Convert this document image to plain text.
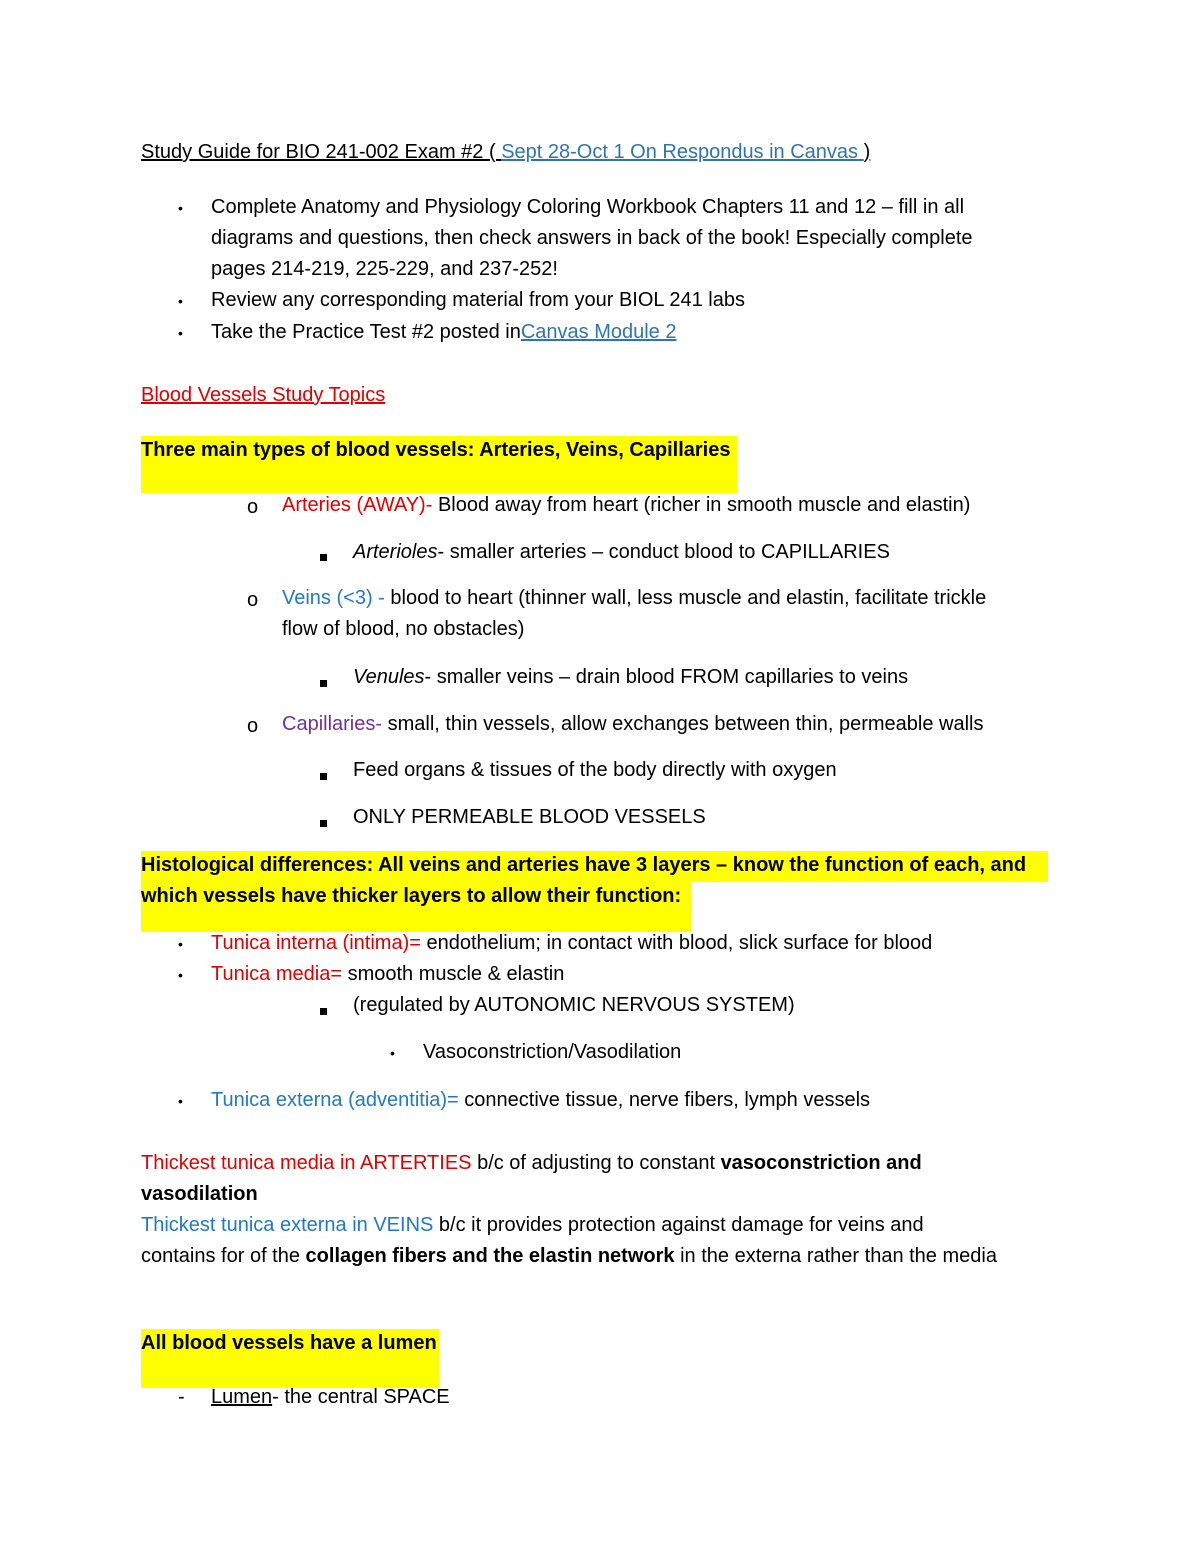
Study Guide for BIO 241-002 Exam #2 ( Sept 28-Oct 1 On Respondus in Canvas )
• Complete Anatomy and Physiology Coloring Workbook Chapters 11 and 12 – fill in all
diagrams and questions, then check answers in back of the book! Especially complete
pages 214-219, 225-229, and 237-252!
• Review any corresponding material from your BIOL 241 labs
• Take the Practice Test #2 posted inCanvas Module 2
Blood Vessels Study Topics
Three main types of blood vessels: Arteries, Veins, Capillaries
o Arteries (AWAY)- Blood away from heart (richer in smooth muscle and elastin)
Arterioles- smaller arteries – conduct blood to CAPILLARIES
o Veins (<3) - blood to heart (thinner wall, less muscle and elastin, facilitate trickle
flow of blood, no obstacles)
Venules- smaller veins – drain blood FROM capillaries to veins
o Capillaries- small, thin vessels, allow exchanges between thin, permeable walls
Feed organs & tissues of the body directly with oxygen
ONLY PERMEABLE BLOOD VESSELS
Histological differences: All veins and arteries have 3 layers – know the function of each, and
which vessels have thicker layers to allow their function:
• Tunica interna (intima)= endothelium; in contact with blood, slick surface for blood
• Tunica media= smooth muscle & elastin
(regulated by AUTONOMIC NERVOUS SYSTEM)
• Vasoconstriction/Vasodilation
• Tunica externa (adventitia)= connective tissue, nerve fibers, lymph vessels
Thickest tunica media in ARTERTIES b/c of adjusting to constant vasoconstriction and
vasodilation
Thickest tunica externa in VEINS b/c it provides protection against damage for veins and
contains for of the collagen fibers and the elastin network in the externa rather than the media
All blood vessels have a lumen
- Lumen- the central SPACE
